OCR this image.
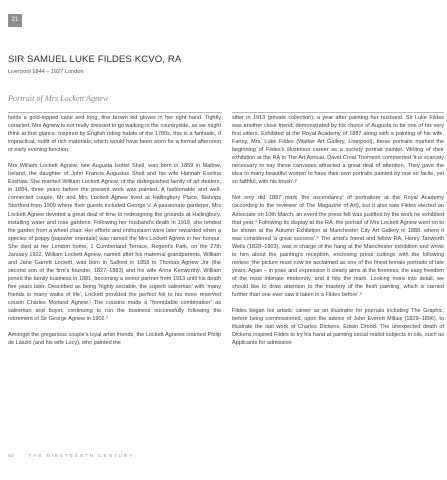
21
SIR SAMUEL LUKE FILDES KCVO, RA
Liverpool 1844 – 1927 London
Portrait of Mrs Lockett Agnew

holds a gold-topped cane and long, fine brown kid gloves in her right hand. Tightly corseted, Mrs Agnew is not really dressed to go walking in the countryside, as we might think at first glance. Inspired by English riding habits of the 1780s, this is a fantastic, if impractical, outfit of rich materials, which would have been worn for a formal afternoon or early evening function.

Mrs William Lockett Agnew, née Augusta Isobel Sheil, was born in 1859 in Mallow, Ireland, the daughter of John Francis Augustus Sheil and his wife Hannah Evelina Exshaw. She married William Lockett Agnew, of the distinguished family of art dealers, in 1884, three years before the present work was painted. A fashionable and well-connected couple, Mr and Mrs Lockett Agnew lived at Hallingbury Place, Bishops Stortford from 1909 where their guests included George V. A passionate gardener, Mrs Lockett Agnew devoted a great deal of time to redesigning the grounds at Hallingbury, installing water and rose gardens. Following her husband's death in 1918, she tended the garden from a wheel chair. Her efforts and enthusiasm were later rewarded when a species of poppy (papaver orientale) was named the Mrs Lockett Agnew in her honour. She died at her London home, 1 Cumberland Terrace, Regent's Park, on the 27th January 1922. William Lockett Agnew, named after his maternal grandparents, William and Jane Garrett Lockett, was born in Salford in 1858 to Thomas Agnew Jnr (the second son of the firm's founder, 1827–1883) and his wife Anne Kenworthy. William joined the family business in 1881, becoming a senior partner from 1913 until his death five years later. Described as being 'highly sociable, the superb salesman' with 'many friends in many walks of life', Lockett provided the perfect foil to his more reserved cousin Charles Morland Agnew.¹ The cousins made a "formidable combination" as salesman and buyer, continuing to run the business successfully following the retirement of Sir George Agnew in 1902.²

Amongst the gregarious couple's loyal artist friends, the Lockett Agnews counted Philip de László (and his wife Lucy), who painted the

sitter in 1913 (private collection), a year after painting her husband. Sir Luke Fildes was another close friend, demonstrated by his choice of Augusta to be one of his very first sitters. Exhibited at the Royal Academy of 1887 along with a painting of his wife, Fanny, Mrs. Luke Fildes (Walker Art Gallery, Liverpool), these portraits marked the beginning of Fildes's illustrious career as a society portrait painter. Writing of their exhibition at the RA in The Art Annual, David Croal Thomson commented 'it is scarcely necessary to say these canvases attracted a great deal of attention. They gave the idea to many beautiful women to have their own portraits painted by one so facile, yet so faithful, with his brush'.³

Not only did 1887 mark 'the ascendancy' of portraiture at the Royal Academy (according to the reviewer of The Magazine of Art), but it also saw Fildes elected an Associate on 10th March, an event the press felt was justified by the work he exhibited that year.⁴ Following its display at the RA, the portrait of Mrs Lockett Agnew went on to be shown at the Autumn Exhibition at Manchester City Art Gallery in 1888, where it was considered 'a great success'.⁵ The artist's friend and fellow RA, Henry Tanworth Wells (1828–1903), was in charge of the hang at the Manchester exhibition and wrote to him about the painting's reception, enclosing press cuttings with the following review: 'the picture must now be acclaimed as one of the finest female portraits of late years. Again – in pose and expression it clearly aims at the fineness, the easy freedom of the most intimate modernity, and it hits the mark. Looking more into detail, we should like to draw attention to the mastery of the flesh painting, which is carried further than one ever saw it taken in a Fildes before'.⁶

Fildes began his artistic career as an illustrator for journals including The Graphic, before being commissioned, upon the advice of John Everett Millais (1829–1896), to illustrate the last work of Charles Dickens, Edwin Drood. The unexpected death of Dickens inspired Fildes to try his hand at painting social realist subjects in oils, such as Applicants for admission

92	THE NINETEENTH CENTURY
